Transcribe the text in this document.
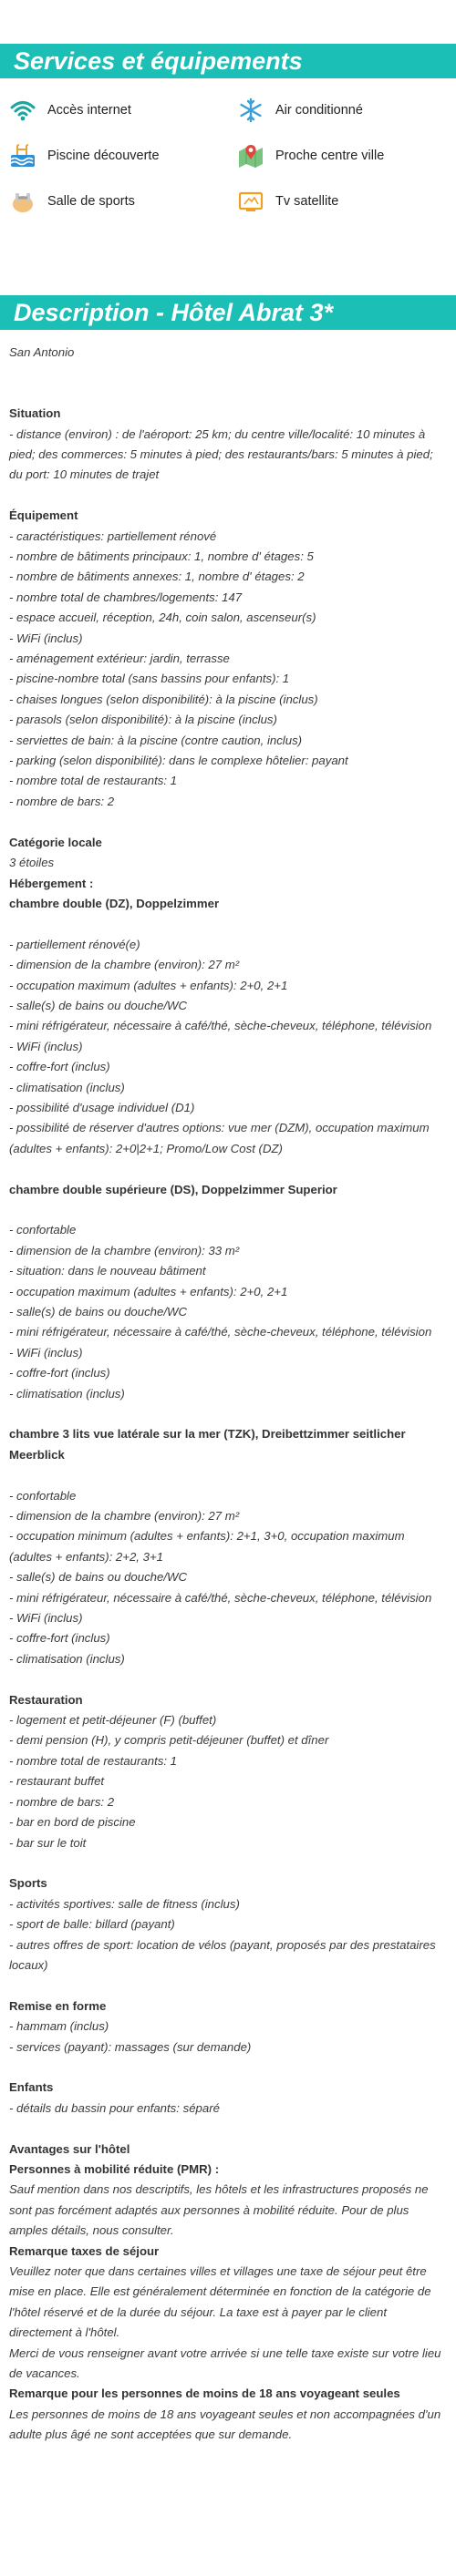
Services et équipements
Accès internet	Air conditionné
Piscine découverte	Proche centre ville
Salle de sports	Tv satellite
Description - Hôtel Abrat 3*
San Antonio
Situation
- distance (environ) : de l'aéroport: 25 km; du centre ville/localité: 10 minutes à pied; des commerces: 5 minutes à pied; des restaurants/bars: 5 minutes à pied; du port: 10 minutes de trajet
Équipement
- caractéristiques: partiellement rénové
- nombre de bâtiments principaux: 1, nombre d' étages: 5
- nombre de bâtiments annexes: 1, nombre d' étages: 2
- nombre total de chambres/logements: 147
- espace accueil, réception, 24h, coin salon, ascenseur(s)
- WiFi (inclus)
- aménagement extérieur: jardin, terrasse
- piscine-nombre total (sans bassins pour enfants): 1
- chaises longues (selon disponibilité): à la piscine (inclus)
- parasols (selon disponibilité): à la piscine (inclus)
- serviettes de bain: à la piscine (contre caution, inclus)
- parking (selon disponibilité): dans le complexe hôtelier: payant
- nombre total de restaurants: 1
- nombre de bars: 2
Catégorie locale
3 étoiles
Hébergement :
chambre double (DZ), Doppelzimmer
- partiellement rénové(e)
- dimension de la chambre (environ): 27 m²
- occupation maximum (adultes + enfants): 2+0, 2+1
- salle(s) de bains ou douche/WC
- mini réfrigérateur, nécessaire à café/thé, sèche-cheveux, téléphone, télévision
- WiFi (inclus)
- coffre-fort (inclus)
- climatisation (inclus)
- possibilité d'usage individuel (D1)
- possibilité de réserver d'autres options: vue mer (DZM), occupation maximum (adultes + enfants): 2+0|2+1; Promo/Low Cost (DZ)
chambre double supérieure (DS), Doppelzimmer Superior
- confortable
- dimension de la chambre (environ): 33 m²
- situation: dans le nouveau bâtiment
- occupation maximum (adultes + enfants): 2+0, 2+1
- salle(s) de bains ou douche/WC
- mini réfrigérateur, nécessaire à café/thé, sèche-cheveux, téléphone, télévision
- WiFi (inclus)
- coffre-fort (inclus)
- climatisation (inclus)
chambre 3 lits vue latérale sur la mer (TZK), Dreibettzimmer seitlicher Meerblick
- confortable
- dimension de la chambre (environ): 27 m²
- occupation minimum (adultes + enfants): 2+1, 3+0, occupation maximum (adultes + enfants): 2+2, 3+1
- salle(s) de bains ou douche/WC
- mini réfrigérateur, nécessaire à café/thé, sèche-cheveux, téléphone, télévision
- WiFi (inclus)
- coffre-fort (inclus)
- climatisation (inclus)
Restauration
- logement et petit-déjeuner (F) (buffet)
- demi pension (H), y compris petit-déjeuner (buffet) et dîner
- nombre total de restaurants: 1
- restaurant buffet
- nombre de bars: 2
- bar en bord de piscine
- bar sur le toit
Sports
- activités sportives: salle de fitness (inclus)
- sport de balle: billard (payant)
- autres offres de sport: location de vélos (payant, proposés par des prestataires locaux)
Remise en forme
- hammam (inclus)
- services (payant): massages (sur demande)
Enfants
- détails du bassin pour enfants: séparé
Avantages sur l'hôtel
Personnes à mobilité réduite (PMR) :
Sauf mention dans nos descriptifs, les hôtels et les infrastructures proposés ne sont pas forcément adaptés aux personnes à mobilité réduite. Pour de plus amples détails, nous consulter.
Remarque taxes de séjour
Veuillez noter que dans certaines villes et villages une taxe de séjour peut être mise en place. Elle est généralement déterminée en fonction de la catégorie de l'hôtel réservé et de la durée du séjour. La taxe est à payer par le client directement à l'hôtel.
Merci de vous renseigner avant votre arrivée si une telle taxe existe sur votre lieu de vacances.
Remarque pour les personnes de moins de 18 ans voyageant seules
Les personnes de moins de 18 ans voyageant seules et non accompagnées d'un adulte plus âgé ne sont acceptées que sur demande.
